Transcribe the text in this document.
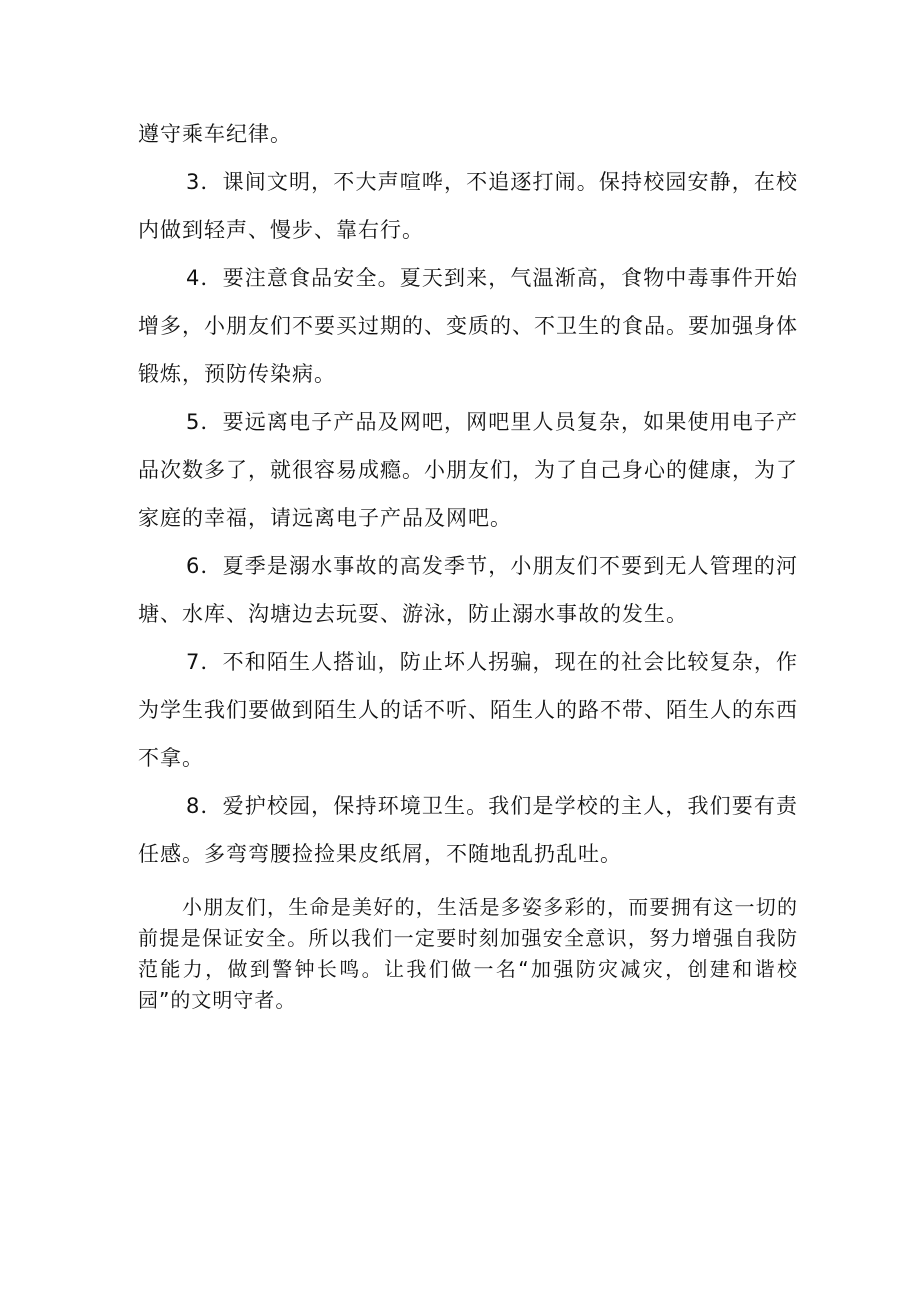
遵守乘车纪律。

3．课间文明，不大声喧哗，不追逐打闹。保持校园安静，在校内做到轻声、慢步、靠右行。

4．要注意食品安全。夏天到来，气温渐高，食物中毒事件开始增多，小朋友们不要买过期的、变质的、不卫生的食品。要加强身体锻炼，预防传染病。

5．要远离电子产品及网吧，网吧里人员复杂，如果使用电子产品次数多了，就很容易成瘾。小朋友们，为了自己身心的健康，为了家庭的幸福，请远离电子产品及网吧。

6．夏季是溺水事故的高发季节，小朋友们不要到无人管理的河塘、水库、沟塘边去玩耍、游泳，防止溺水事故的发生。

7．不和陌生人搭讪，防止坏人拐骗，现在的社会比较复杂，作为学生我们要做到陌生人的话不听、陌生人的路不带、陌生人的东西不拿。

8．爱护校园，保持环境卫生。我们是学校的主人，我们要有责任感。多弯弯腰捡捡果皮纸屑，不随地乱扔乱吐。

小朋友们，生命是美好的，生活是多姿多彩的，而要拥有这一切的前提是保证安全。所以我们一定要时刻加强安全意识，努力增强自我防范能力，做到警钟长鸣。让我们做一名“加强防灾减灾，创建和谐校园”的文明守者。
